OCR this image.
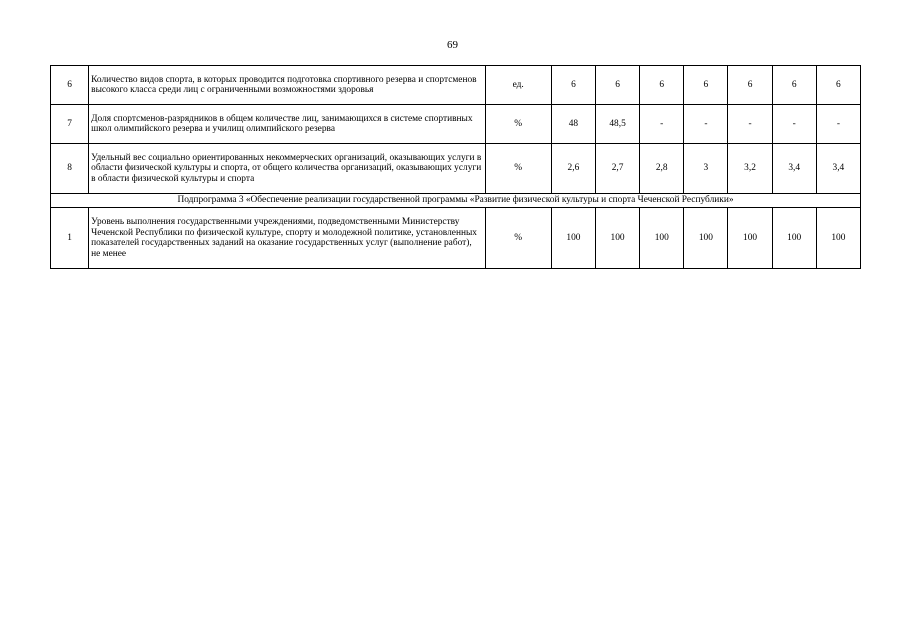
69
6	Количество видов спорта, в которых проводится подготовка спортивного резерва и спортсменов высокого класса среди лиц с ограниченными возможностями здоровья	ед.	6	6	6	6	6	6	6
7	Доля спортсменов-разрядников в общем количестве лиц, занимающихся в системе спортивных школ олимпийского резерва и училищ олимпийского резерва	%	48	48,5	-	-	-	-	-
8	Удельный вес социально ориентированных некоммерческих организаций, оказывающих услуги в области физической культуры и спорта, от общего количества организаций, оказывающих услуги в области физической культуры и спорта	%	2,6	2,7	2,8	3	3,2	3,4	3,4
Подпрограмма 3 «Обеспечение реализации государственной программы «Развитие физической культуры и спорта Чеченской Республики»									
1	Уровень выполнения государственными учреждениями, подведомственными Министерству Чеченской Республики по физической культуре, спорту и молодежной политике, установленных показателей государственных заданий на оказание государственных услуг (выполнение работ), не менее	%	100	100	100	100	100	100	100
